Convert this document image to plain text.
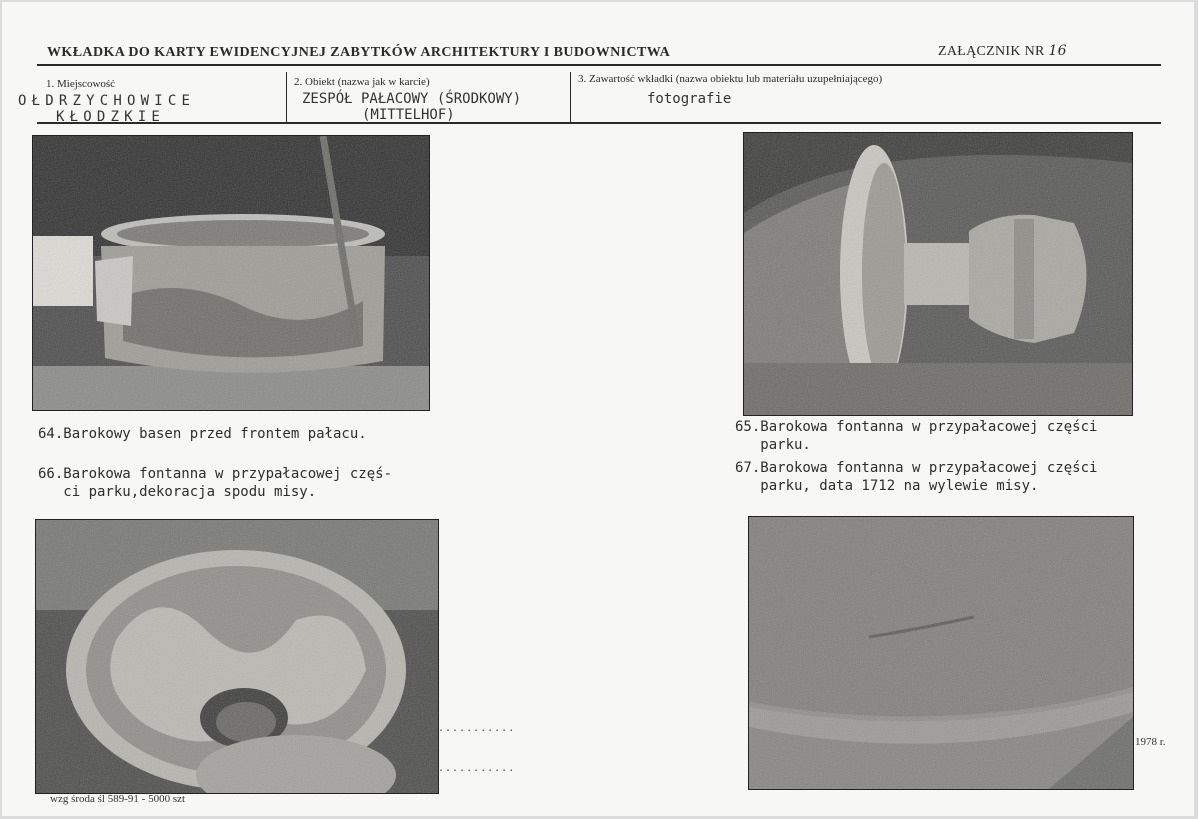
WKŁADKA DO KARTY EWIDENCYJNEJ ZABYTKÓW ARCHITEKTURY I BUDOWNICTWA	ZAŁĄCZNIK NR 16
1. Miejscowość
OŁDRZYCHOWICE
KŁODZKIE
2. Obiekt (nazwa jak w karcie)
ZESPÓŁ PAŁACOWY (ŚRODKOWY)
(MITTELHOF)
3. Zawartość wkładki (nazwa obiektu lub materiału uzupełniającego)
fotografie
64.Barokowy basen przed frontem pałacu.	65.Barokowa fontanna w przypałacowej części
parku.
66.Barokowa fontanna w przypałacowej częś-
ci parku,dekoracja spodu misy.
67.Barokowa fontanna w przypałacowej części
parku, data 1712 na wylewie misy.
...........
...........
1978 r.
wzg środa śl 589-91 - 5000 szt
